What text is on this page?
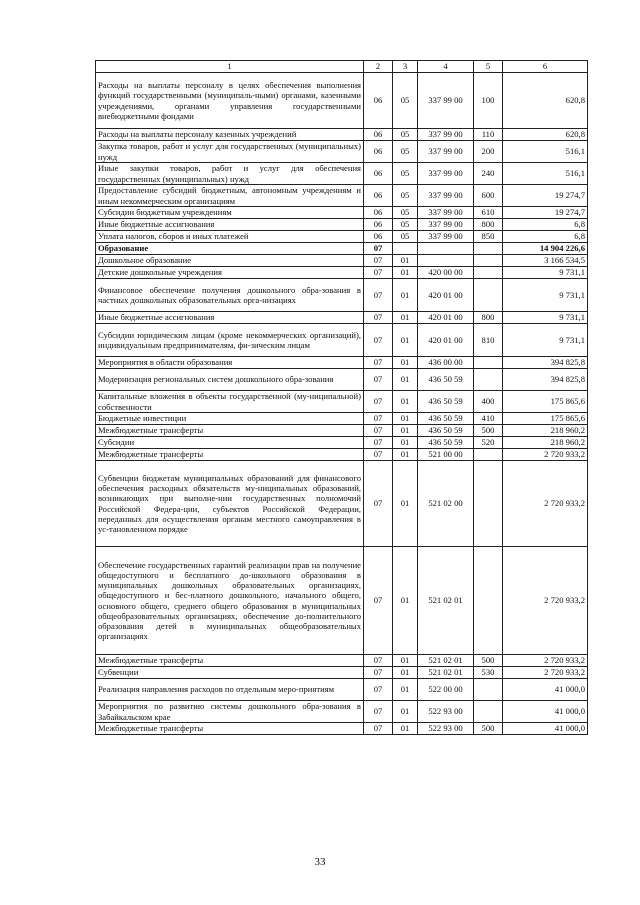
1	2	3	4	5	6
Расходы на выплаты персоналу в целях обеспечения выполнения функций государственными (муниципаль-ными) органами, казенными учреждениями, органами управления государственными внебюджетными фондами	06	05	337 99 00	100	620,8
Расходы на выплаты персоналу казенных учреждений	06	05	337 99 00	110	620,8
Закупка товаров, работ и услуг для государственных (муниципальных) нужд	06	05	337 99 00	200	516,1
Иные закупки товаров, работ и услуг для обеспечения государственных (муниципальных) нужд	06	05	337 99 00	240	516,1
Предоставление субсидий бюджетным, автономным учреждениям и иным некоммерческим организациям	06	05	337 99 00	600	19 274,7
Субсидии бюджетным учреждениям	06	05	337 99 00	610	19 274,7
Иные бюджетные ассигнования	06	05	337 99 00	800	6,8
Уплата налогов, сборов и иных платежей	06	05	337 99 00	850	6,8
Образование	07				14 904 226,6
Дошкольное образование	07	01			3 166 534,5
Детские дошкольные учреждения	07	01	420 00 00		9 731,1
Финансовое обеспечение получения дошкольного обра-зования в частных дошкольных образовательных орга-низациях	07	01	420 01 00		9 731,1
Иные бюджетные ассигнования	07	01	420 01 00	800	9 731,1
Субсидии юридическим лицам (кроме некоммерческих организаций), индивидуальным предпринимателям, фи-зическим лицам	07	01	420 01 00	810	9 731,1
Мероприятия в области образования	07	01	436 00 00		394 825,8
Модернизация региональных систем дошкольного обра-зования	07	01	436 50 59		394 825,8
Капитальные вложения в объекты государственной (му-ниципальной) собственности	07	01	436 50 59	400	175 865,6
Бюджетные инвестиции	07	01	436 50 59	410	175 865,6
Межбюджетные трансферты	07	01	436 50 59	500	218 960,2
Субсидии	07	01	436 50 59	520	218 960,2
Межбюджетные трансферты	07	01	521 00 00		2 720 933,2
Субвенции бюджетам муниципальных образований для финансового обеспечения расходных обязательств му-ниципальных образований, возникающих при выполне-нии государственных полномочий Российской Федера-ции, субъектов Российской Федерации, переданных для осуществления органам местного самоуправления в ус-тановленном порядке	07	01	521 02 00		2 720 933,2
Обеспечение государственных гарантий реализации прав на получение общедоступного и бесплатного до-школьного образования в муниципальных дошкольных образовательных организациях, общедоступного и бес-платного дошкольного, начального общего, основного общего, среднего общего образования в муниципальных общеобразовательных организациях, обеспечение до-полнительного образования детей в муниципальных общеобразовательных организациях	07	01	521 02 01		2 720 933,2
Межбюджетные трансферты	07	01	521 02 01	500	2 720 933,2
Субвенции	07	01	521 02 01	530	2 720 933,2
Реализация направления расходов по отдельным меро-приятиям	07	01	522 00 00		41 000,0
Мероприятия по развитию системы дошкольного обра-зования в Забайкальском крае	07	01	522 93 00		41 000,0
Межбюджетные трансферты	07	01	522 93 00	500	41 000,0
33
